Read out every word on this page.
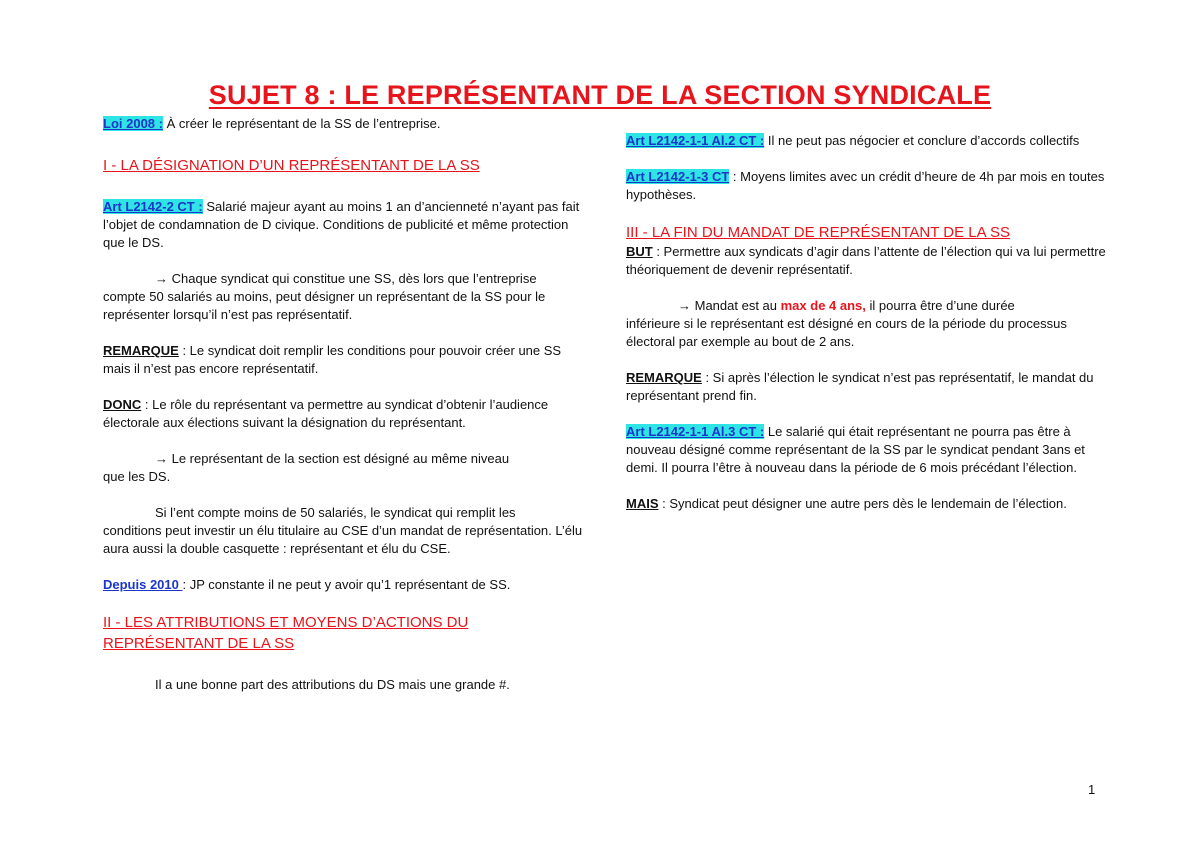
SUJET 8 : LE REPRÉSENTANT DE LA SECTION SYNDICALE

Loi 2008 : À créer le représentant de la SS de l’entreprise.

I - LA DÉSIGNATION D’UN REPRÉSENTANT DE LA SS

Art L2142-2 CT : Salarié majeur ayant au moins 1 an d’ancienneté n’ayant pas fait l’objet de condamnation de D civique. Conditions de publicité et même protection que le DS.

→ Chaque syndicat qui constitue une SS, dès lors que l’entreprise

compte 50 salariés au moins, peut désigner un représentant de la SS pour le représenter lorsqu’il n’est pas représentatif.

REMARQUE : Le syndicat doit remplir les conditions pour pouvoir créer une SS mais il n’est pas encore représentatif.

DONC : Le rôle du représentant va permettre au syndicat d’obtenir l’audience électorale aux élections suivant la désignation du représentant.

→ Le représentant de la section est désigné au même niveau

que les DS.

Si l’ent compte moins de 50 salariés, le syndicat qui remplit les

conditions peut investir un élu titulaire au CSE d’un mandat de représentation. L’élu aura aussi la double casquette : représentant et élu du CSE.

Depuis 2010 : JP constante il ne peut y avoir qu’1 représentant de SS.

II - LES ATTRIBUTIONS ET MOYENS D’ACTIONS DU REPRÉSENTANT DE LA SS

Il a une bonne part des attributions du DS mais une grande #.

Art L2142-1-1 Al.2 CT : Il ne peut pas négocier et conclure d’accords collectifs

Art L2142-1-3 CT : Moyens limites avec un crédit d’heure de 4h par mois en toutes hypothèses.

III - LA FIN DU MANDAT DE REPRÉSENTANT DE LA SS

BUT : Permettre aux syndicats d’agir dans l’attente de l’élection qui va lui permettre théoriquement de devenir représentatif.

→ Mandat est au max de 4 ans, il pourra être d’une durée

inférieure si le représentant est désigné en cours de la période du processus électoral par exemple au bout de 2 ans.

REMARQUE : Si après l’élection le syndicat n’est pas représentatif, le mandat du représentant prend fin.

Art L2142-1-1 Al.3 CT : Le salarié qui était représentant ne pourra pas être à nouveau désigné comme représentant de la SS par le syndicat pendant 3ans et demi. Il pourra l’être à nouveau dans la période de 6 mois précédant l’élection.

MAIS : Syndicat peut désigner une autre pers dès le lendemain de l’élection.

1
